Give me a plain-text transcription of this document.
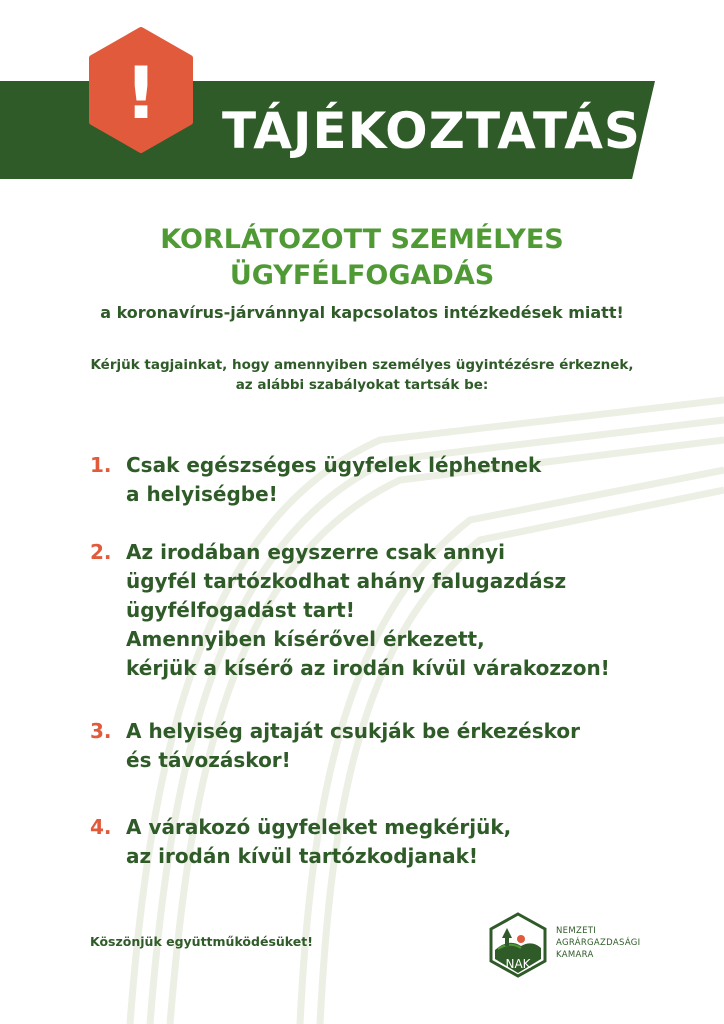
TÁJÉKOZTATÁS
!
KORLÁTOZOTT SZEMÉLYES
ÜGYFÉLFOGADÁS
a koronavírus-járvánnyal kapcsolatos intézkedések miatt!
Kérjük tagjainkat, hogy amennyiben személyes ügyintézésre érkeznek,
az alábbi szabályokat tartsák be:
1. Csak egészséges ügyfelek léphetnek
a helyiségbe!
2. Az irodában egyszerre csak annyi
ügyfél tartózkodhat ahány falugazdász
ügyfélfogadást tart!
Amennyiben kísérővel érkezett,
kérjük a kísérő az irodán kívül várakozzon!
3. A helyiség ajtaját csukják be érkezéskor
és távozáskor!
4. A várakozó ügyfeleket megkérjük,
az irodán kívül tartózkodjanak!
Köszönjük együttműködésüket!
NAK
NEMZETI
AGRÁRGAZDASÁGI
KAMARA
